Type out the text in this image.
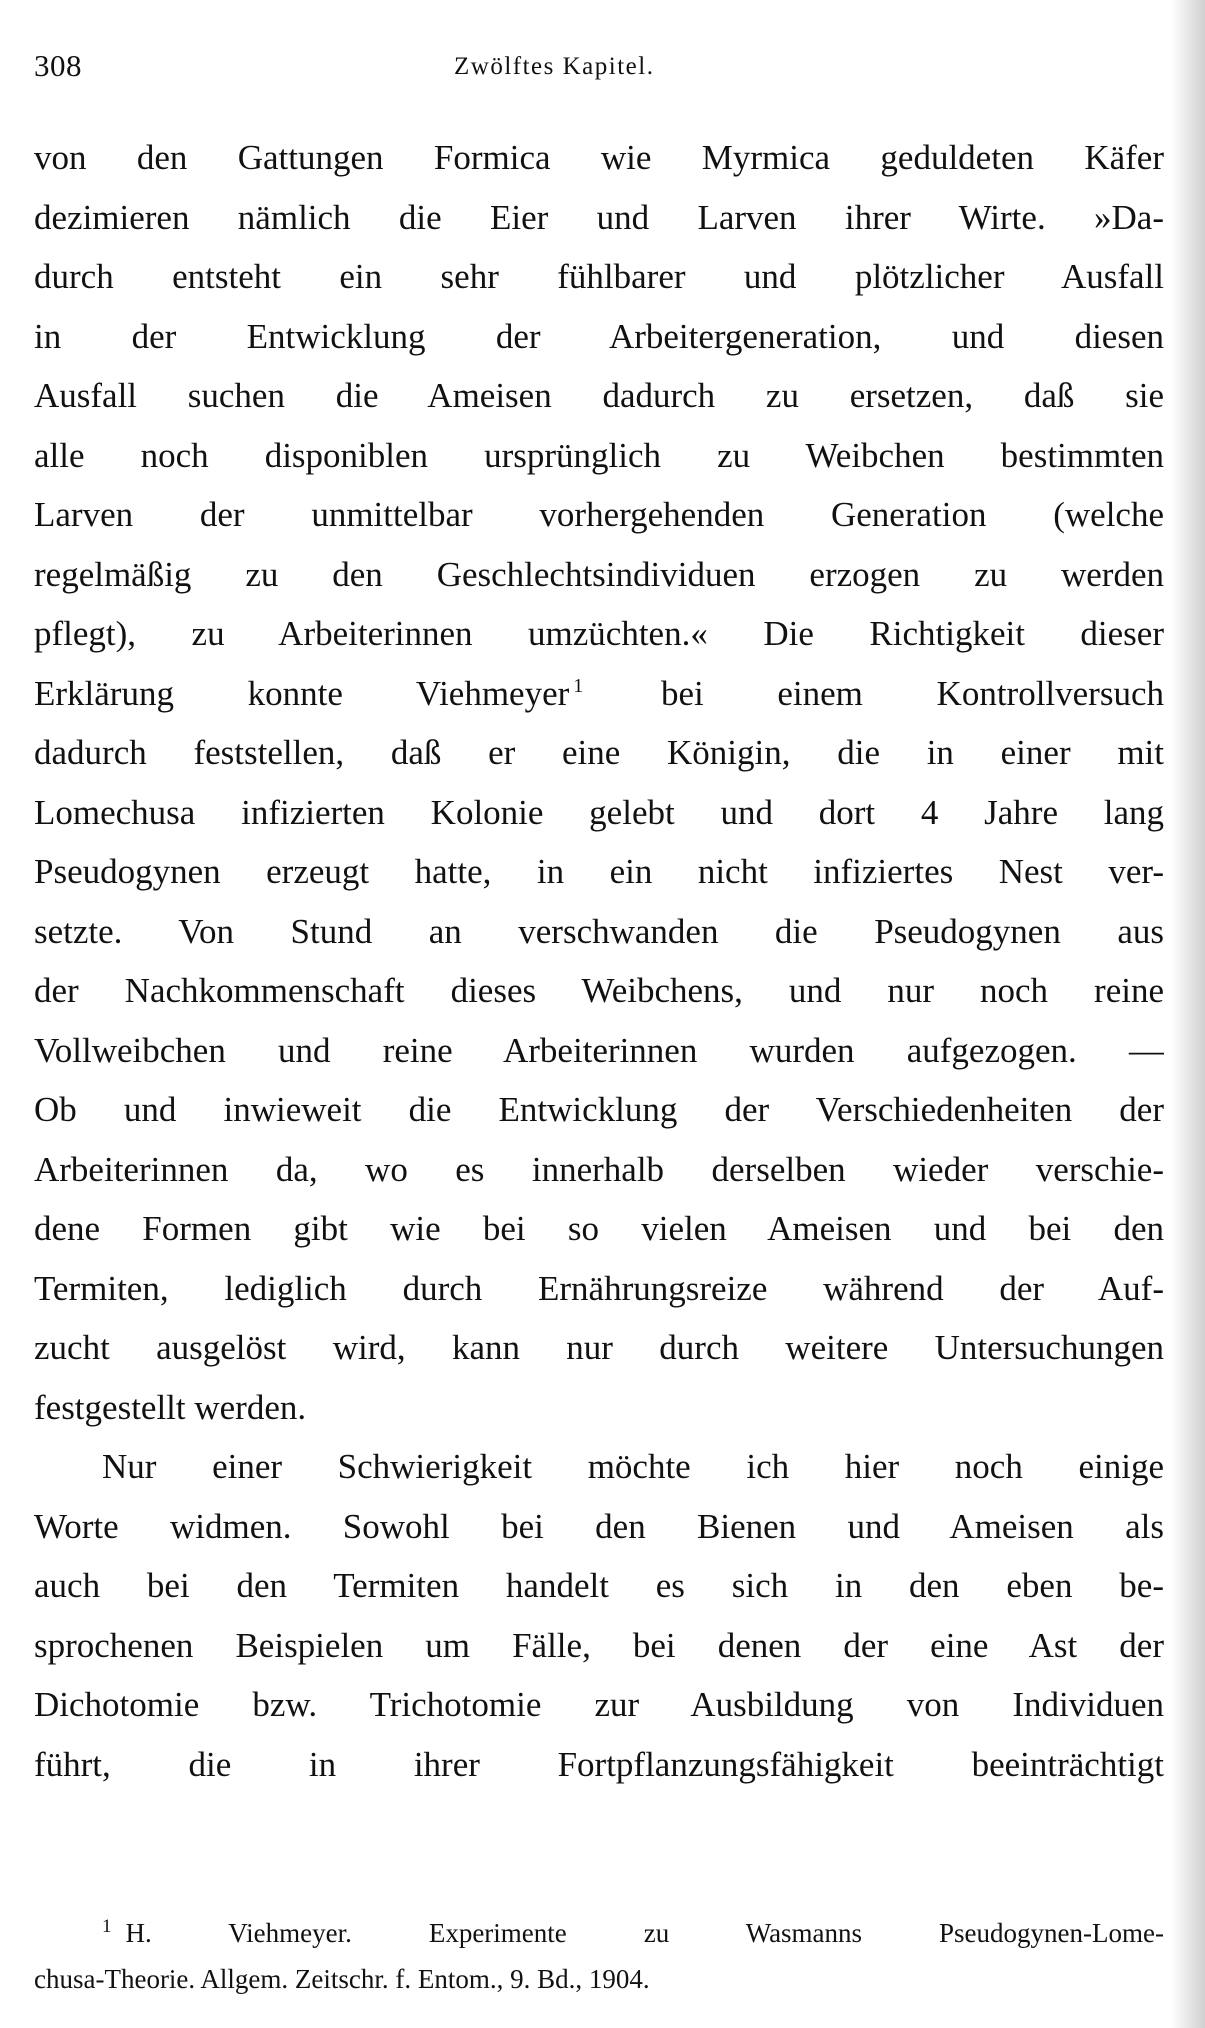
308	Zwölftes Kapitel.
von den Gattungen Formica wie Myrmica geduldeten Käfer
dezimieren nämlich die Eier und Larven ihrer Wirte. »Da-
durch entsteht ein sehr fühlbarer und plötzlicher Ausfall
in der Entwicklung der Arbeitergeneration, und diesen
Ausfall suchen die Ameisen dadurch zu ersetzen, daß sie
alle noch disponiblen ursprünglich zu Weibchen bestimmten
Larven der unmittelbar vorhergehenden Generation (welche
regelmäßig zu den Geschlechtsindividuen erzogen zu werden
pflegt), zu Arbeiterinnen umzüchten.« Die Richtigkeit dieser
Erklärung konnte Viehmeyer $^1$ bei einem Kontrollversuch
dadurch feststellen, daß er eine Königin, die in einer mit
Lomechusa infizierten Kolonie gelebt und dort 4 Jahre lang
Pseudogynen erzeugt hatte, in ein nicht infiziertes Nest ver-
setzte. Von Stund an verschwanden die Pseudogynen aus
der Nachkommenschaft dieses Weibchens, und nur noch reine
Vollweibchen und reine Arbeiterinnen wurden aufgezogen. —
Ob und inwieweit die Entwicklung der Verschiedenheiten der
Arbeiterinnen da, wo es innerhalb derselben wieder verschie-
dene Formen gibt wie bei so vielen Ameisen und bei den
Termiten, lediglich durch Ernährungsreize während der Auf-
zucht ausgelöst wird, kann nur durch weitere Untersuchungen
festgestellt werden.
Nur einer Schwierigkeit möchte ich hier noch einige
Worte widmen. Sowohl bei den Bienen und Ameisen als
auch bei den Termiten handelt es sich in den eben be-
sprochenen Beispielen um Fälle, bei denen der eine Ast der
Dichotomie bzw. Trichotomie zur Ausbildung von Individuen
führt, die in ihrer Fortpflanzungsfähigkeit beeinträchtigt
$^1$ H. Viehmeyer. Experimente zu Wasmanns Pseudogynen-Lome-
chusa-Theorie. Allgem. Zeitschr. f. Entom., 9. Bd., 1904.
